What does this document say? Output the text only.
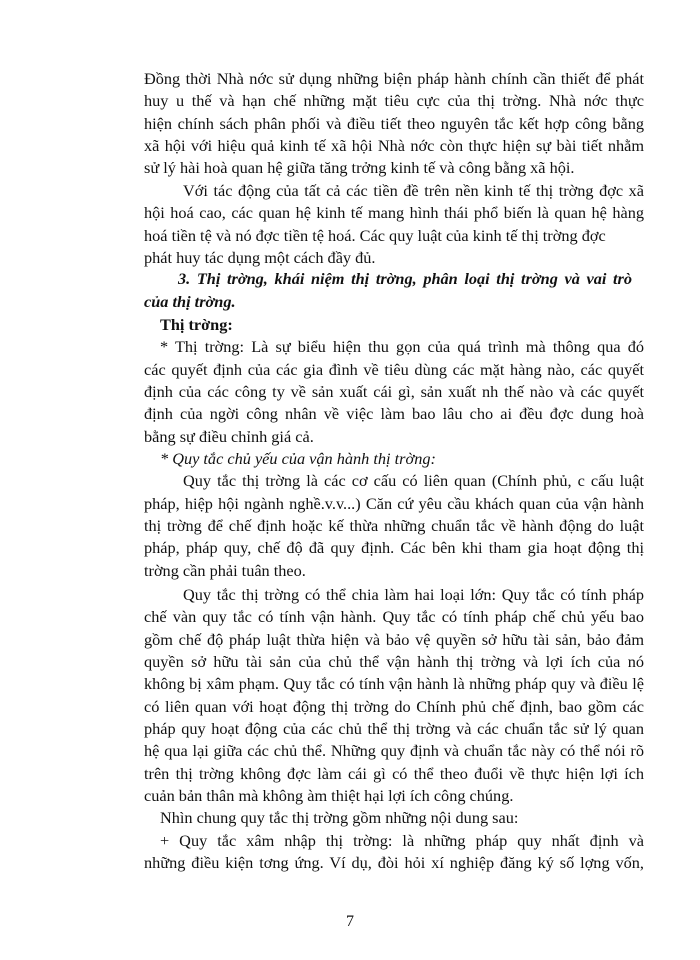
Đồng thời Nhà nớc sử dụng những biện pháp hành chính cần thiết để phát
huy u thế và hạn chế những mặt tiêu cực của thị trờng. Nhà nớc thực
hiện chính sách phân phối và điều tiết theo nguyên tắc kết hợp công bằng
xã hội với hiệu quả kinh tế xã hội Nhà nớc còn thực hiện sự bài tiết nhằm
sử lý hài hoà quan hệ giữa tăng trởng kinh tế và công bằng xã hội.
Với tác động của tất cả các tiền đề trên nền kinh tế thị trờng đợc xã
hội hoá cao, các quan hệ kinh tế mang hình thái phổ biến là quan hệ hàng
hoá tiền tệ và nó đợc tiền tệ hoá. Các quy luật của kinh tế thị trờng đợc
phát huy tác dụng một cách đầy đủ.
3. Thị trờng, khái niệm thị trờng, phân loại thị trờng và vai trò
của thị trờng.
Thị trờng:
* Thị trờng: Là sự biểu hiện thu gọn của quá trình mà thông qua đó
các quyết định của các gia đình về tiêu dùng các mặt hàng nào, các quyết
định của các công ty về sản xuất cái gì, sản xuất nh thế nào và các quyết
định của ngời công nhân về việc làm bao lâu cho ai đều đợc dung hoà
bằng sự điều chỉnh giá cả.
* Quy tắc chủ yếu của vận hành thị trờng:
Quy tắc thị trờng là các cơ cấu có liên quan (Chính phủ, c cấu luật
pháp, hiệp hội ngành nghề.v.v...) Căn cứ yêu cầu khách quan của vận hành
thị trờng để chế định hoặc kế thừa những chuẩn tắc về hành động do luật
pháp, pháp quy, chế độ đã quy định. Các bên khi tham gia hoạt động thị
trờng cần phải tuân theo.
Quy tắc thị trờng có thể chia làm hai loại lớn: Quy tắc có tính pháp
chế vàn quy tắc có tính vận hành. Quy tắc có tính pháp chế chủ yếu bao
gồm chế độ pháp luật thừa hiện và bảo vệ quyền sở hữu tài sản, bảo đảm
quyền sở hữu tài sản của chủ thể vận hành thị trờng và lợi ích của nó
không bị xâm phạm. Quy tắc có tính vận hành là những pháp quy và điều lệ
có liên quan với hoạt động thị trờng do Chính phủ chế định, bao gồm các
pháp quy hoạt động của các chủ thể thị trờng và các chuẩn tắc sử lý quan
hệ qua lại giữa các chủ thể. Những quy định và chuẩn tắc này có thể nói rõ
trên thị trờng không đợc làm cái gì có thể theo đuổi về thực hiện lợi ích
cuản bản thân mà không àm thiệt hại lợi ích công chúng.
Nhìn chung quy tắc thị trờng gồm những nội dung sau:
+ Quy tắc xâm nhập thị trờng: là những pháp quy nhất định và
những điều kiện tơng ứng. Ví dụ, đòi hỏi xí nghiệp đăng ký số lợng vốn,
7
